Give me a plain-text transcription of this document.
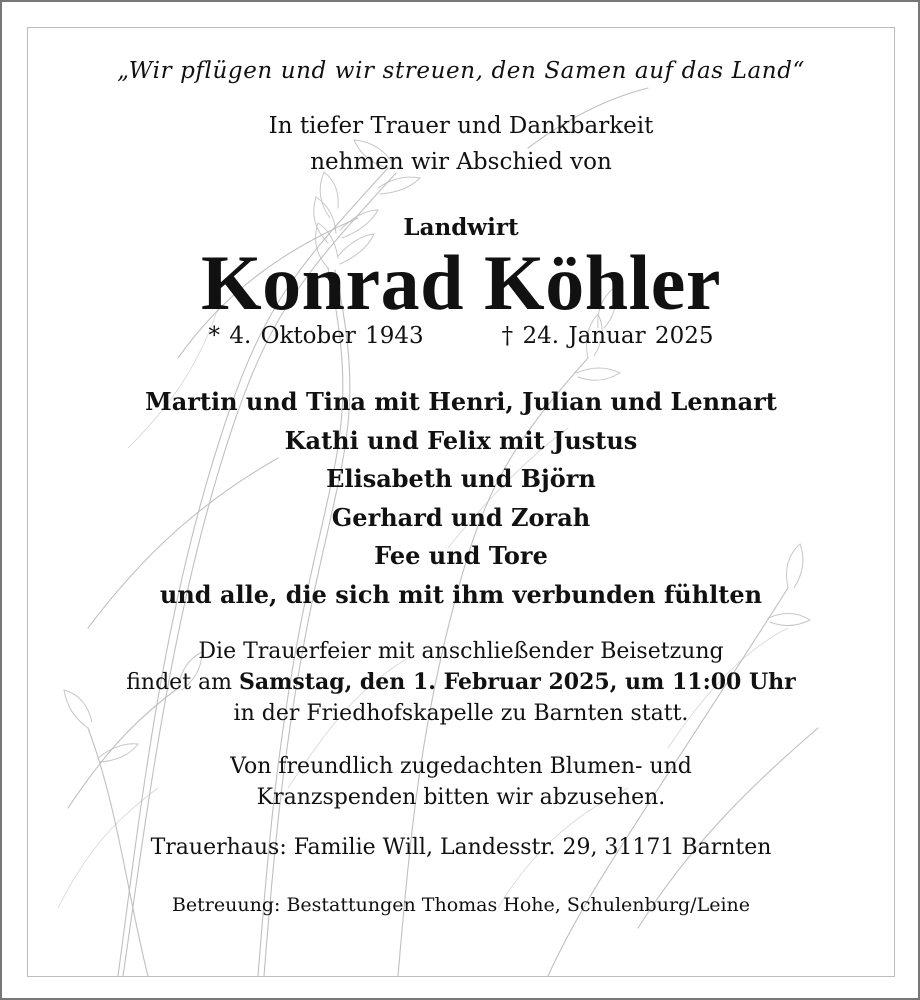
„Wir pflügen und wir streuen, den Samen auf das Land“
In tiefer Trauer und Dankbarkeit
nehmen wir Abschied von
Landwirt
Konrad Köhler
* 4. Oktober 1943	† 24. Januar 2025
Martin und Tina mit Henri, Julian und Lennart
Kathi und Felix mit Justus
Elisabeth und Björn
Gerhard und Zorah
Fee und Tore
und alle, die sich mit ihm verbunden fühlten
Die Trauerfeier mit anschließender Beisetzung
findet am Samstag, den 1. Februar 2025, um 11:00 Uhr
in der Friedhofskapelle zu Barnten statt.
Von freundlich zugedachten Blumen- und
Kranzspenden bitten wir abzusehen.
Trauerhaus: Familie Will, Landesstr. 29, 31171 Barnten
Betreuung: Bestattungen Thomas Hohe, Schulenburg/Leine
